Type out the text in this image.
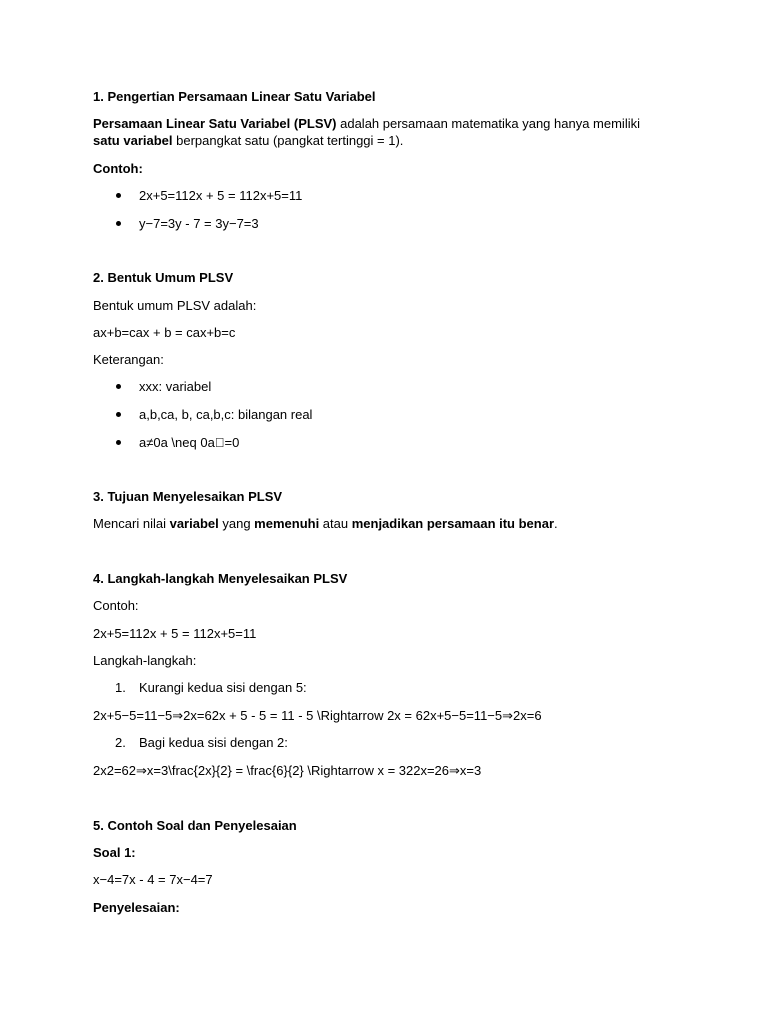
1. Pengertian Persamaan Linear Satu Variabel
Persamaan Linear Satu Variabel (PLSV) adalah persamaan matematika yang hanya memiliki satu variabel berpangkat satu (pangkat tertinggi = 1).
Contoh:
2x+5=112x + 5 = 112x+5=11
y−7=3y - 7 = 3y−7=3
2. Bentuk Umum PLSV
Bentuk umum PLSV adalah:
ax+b=cax + b = cax+b=c
Keterangan:
xxx: variabel
a,b,ca, b, ca,b,c: bilangan real
a≠0a \neq 0a =0
3. Tujuan Menyelesaikan PLSV
Mencari nilai variabel yang memenuhi atau menjadikan persamaan itu benar.
4. Langkah-langkah Menyelesaikan PLSV
Contoh:
2x+5=112x + 5 = 112x+5=11
Langkah-langkah:
1. Kurangi kedua sisi dengan 5:
2x+5−5=11−5⇒2x=62x + 5 - 5 = 11 - 5 \Rightarrow 2x = 62x+5−5=11−5⇒2x=6
2. Bagi kedua sisi dengan 2:
2x2=62⇒x=3\frac{2x}{2} = \frac{6}{2} \Rightarrow x = 322x=26⇒x=3
5. Contoh Soal dan Penyelesaian
Soal 1:
x−4=7x - 4 = 7x−4=7
Penyelesaian:
